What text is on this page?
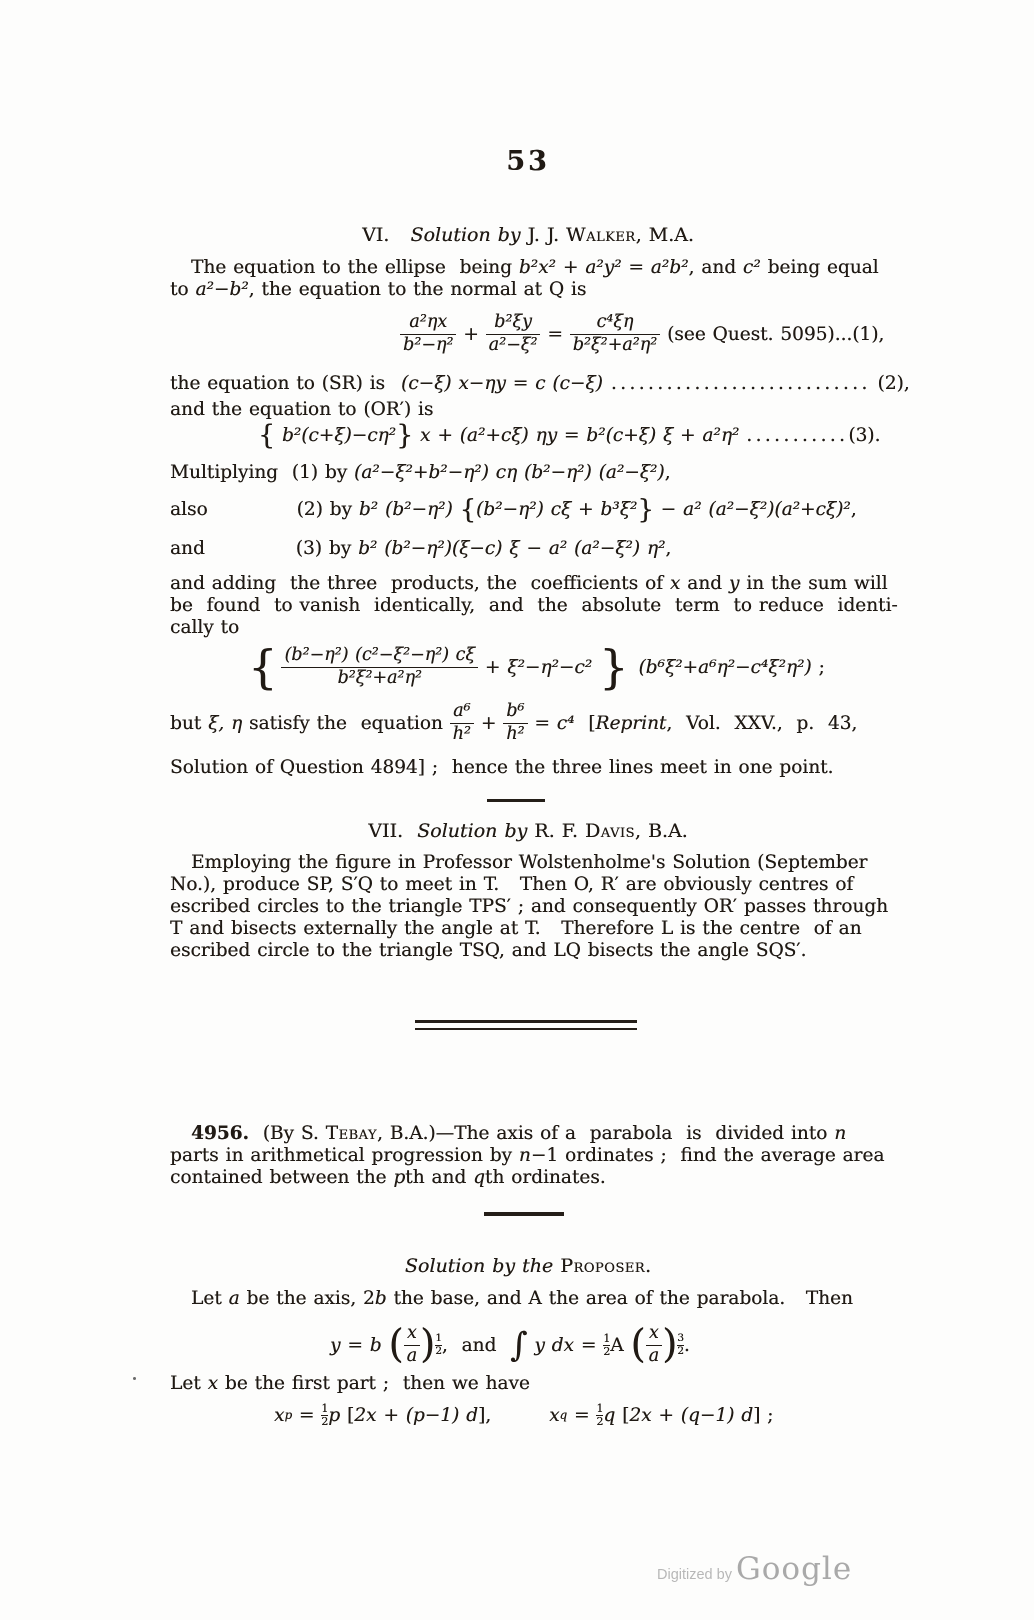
53
VI.   Solution by J. J. Walker, M.A.
The equation to the ellipse  being b²x² + a²y² = a²b², and c² being equal
to a²−b², the equation to the normal at Q is
$\frac{\text{a²ηx}}{\text{b²−η²}} + \frac{\text{b²ξy}}{\text{a²−ξ²}} = \frac{\text{c⁴ξη}}{\text{b²ξ²+a²η²}} (see$ Quest. 5095)...(1),
the equation to (SR) is (c−ξ) x−ηy = c (c−ξ) ............................ (2),
and the equation to (OR′) is
{ b²(c+ξ)−cη²} x + (a²+cξ) ηy = b²(c+ξ) ξ + a²η² ...........(3).
Multiplying  (1) by (a²−ξ²+b²−η²) cη (b²−η²) (a²−ξ²),
also	(2) by b² (b²−η²) {(b²−η²) cξ + b³ξ²} − a² (a²−ξ²)(a²+cξ)²,
and	(3) by b² (b²−η²)(ξ−c) ξ − a² (a²−ξ²) η²,
and adding  the three  products, the  coefficients of x and y in the sum will
be  found  to vanish  identically,  and  the  absolute  term  to reduce  identi-
cally to
{ $\frac{\text{(b²−η²) (c²−ξ²−η²) cξ}}{\text{b²ξ²+a²η²}} + \xi^2-\eta^2-c^2$ } (b⁶ξ²+a⁶η²−c⁴ξ²η²) ;
but ξ, η satisfy the  equation $\frac{\text{a⁶}}{\text{h²}} + \frac{\text{b⁶}}{\text{h²}} = c^4$ [ Reprint ,  Vol.  XXV.,  p.  43,
Solution of Question 4894] ;  hence the three lines meet in one point.
VII.  Solution by R. F. Davis, B.A.
Employing the figure in Professor Wolstenholme's Solution (September
No.), produce SP, S′Q to meet in T.   Then O, R′ are obviously centres of
escribed circles to the triangle TPS′ ; and consequently OR′ passes through
T and bisects externally the angle at T.   Therefore L is the centre  of an
escribed circle to the triangle TSQ, and LQ bisects the angle SQS′.
4956.  (By S. Tebay, B.A.)—The axis of a  parabola  is  divided into n
parts in arithmetical progression by n−1 ordinates ;  find the average area
contained between the pth and qth ordinates.
Solution by the Proposer.
Let a be the axis, 2b the base, and A the area of the parabola.   Then
y = b ( $\frac{x}{a}$ ) 1
2 ,  and ∫ y dx = $\frac{1}{2}$ A ( $\frac{x}{a}$ ) 3
2 .
Let x be the first part ;  then we have
x $p = \frac{1}{2}$ p [ 2x + (p−1) d ],	x $q = \frac{1}{2}$ q [ 2x + (q−1) d ] ;
Digitized by Google
